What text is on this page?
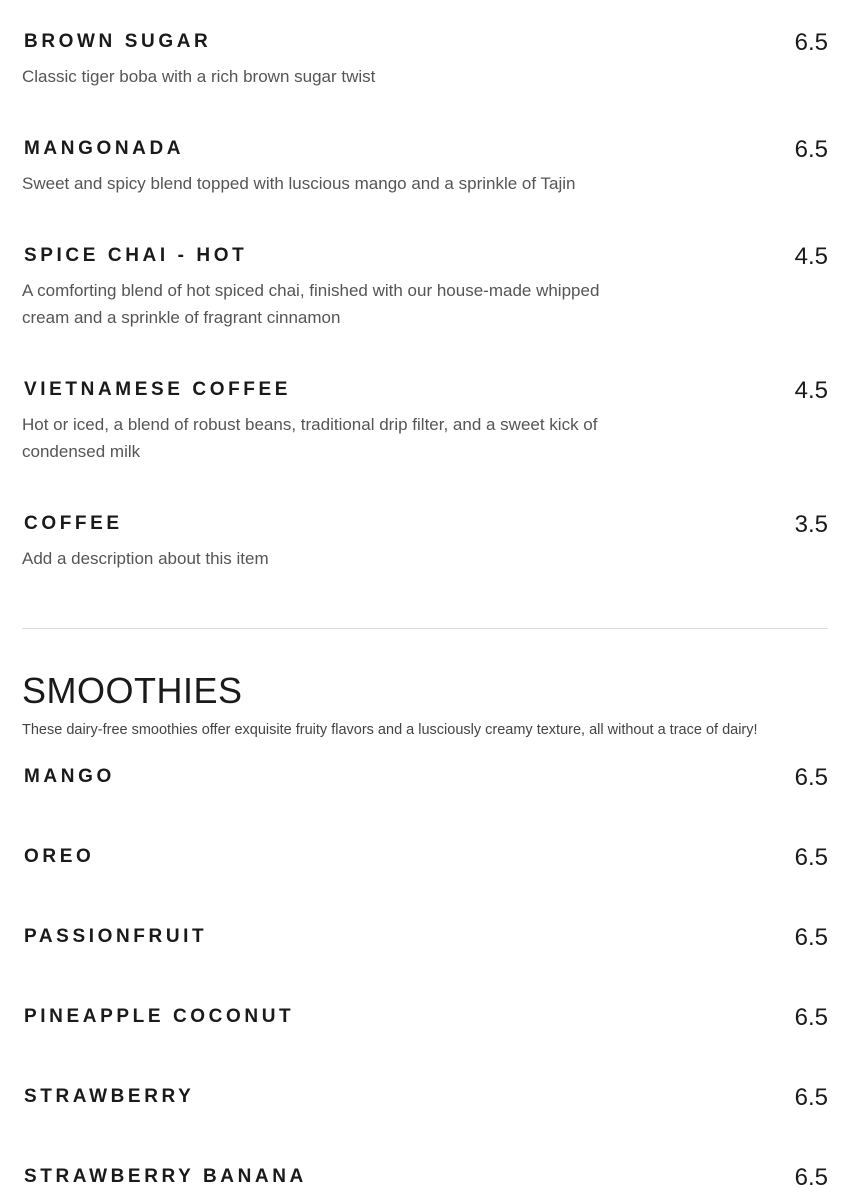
BROWN SUGAR	6.5
Classic tiger boba with a rich brown sugar twist
MANGONADA	6.5
Sweet and spicy blend topped with luscious mango and a sprinkle of Tajin
SPICE CHAI - HOT	4.5
A comforting blend of hot spiced chai, finished with our house-made whipped cream and a sprinkle of fragrant cinnamon
VIETNAMESE COFFEE	4.5
Hot or iced, a blend of robust beans, traditional drip filter, and a sweet kick of condensed milk
COFFEE	3.5
Add a description about this item
SMOOTHIES
These dairy-free smoothies offer exquisite fruity flavors and a lusciously creamy texture, all without a trace of dairy!
MANGO	6.5
OREO	6.5
PASSIONFRUIT	6.5
PINEAPPLE COCONUT	6.5
STRAWBERRY	6.5
STRAWBERRY BANANA	6.5
